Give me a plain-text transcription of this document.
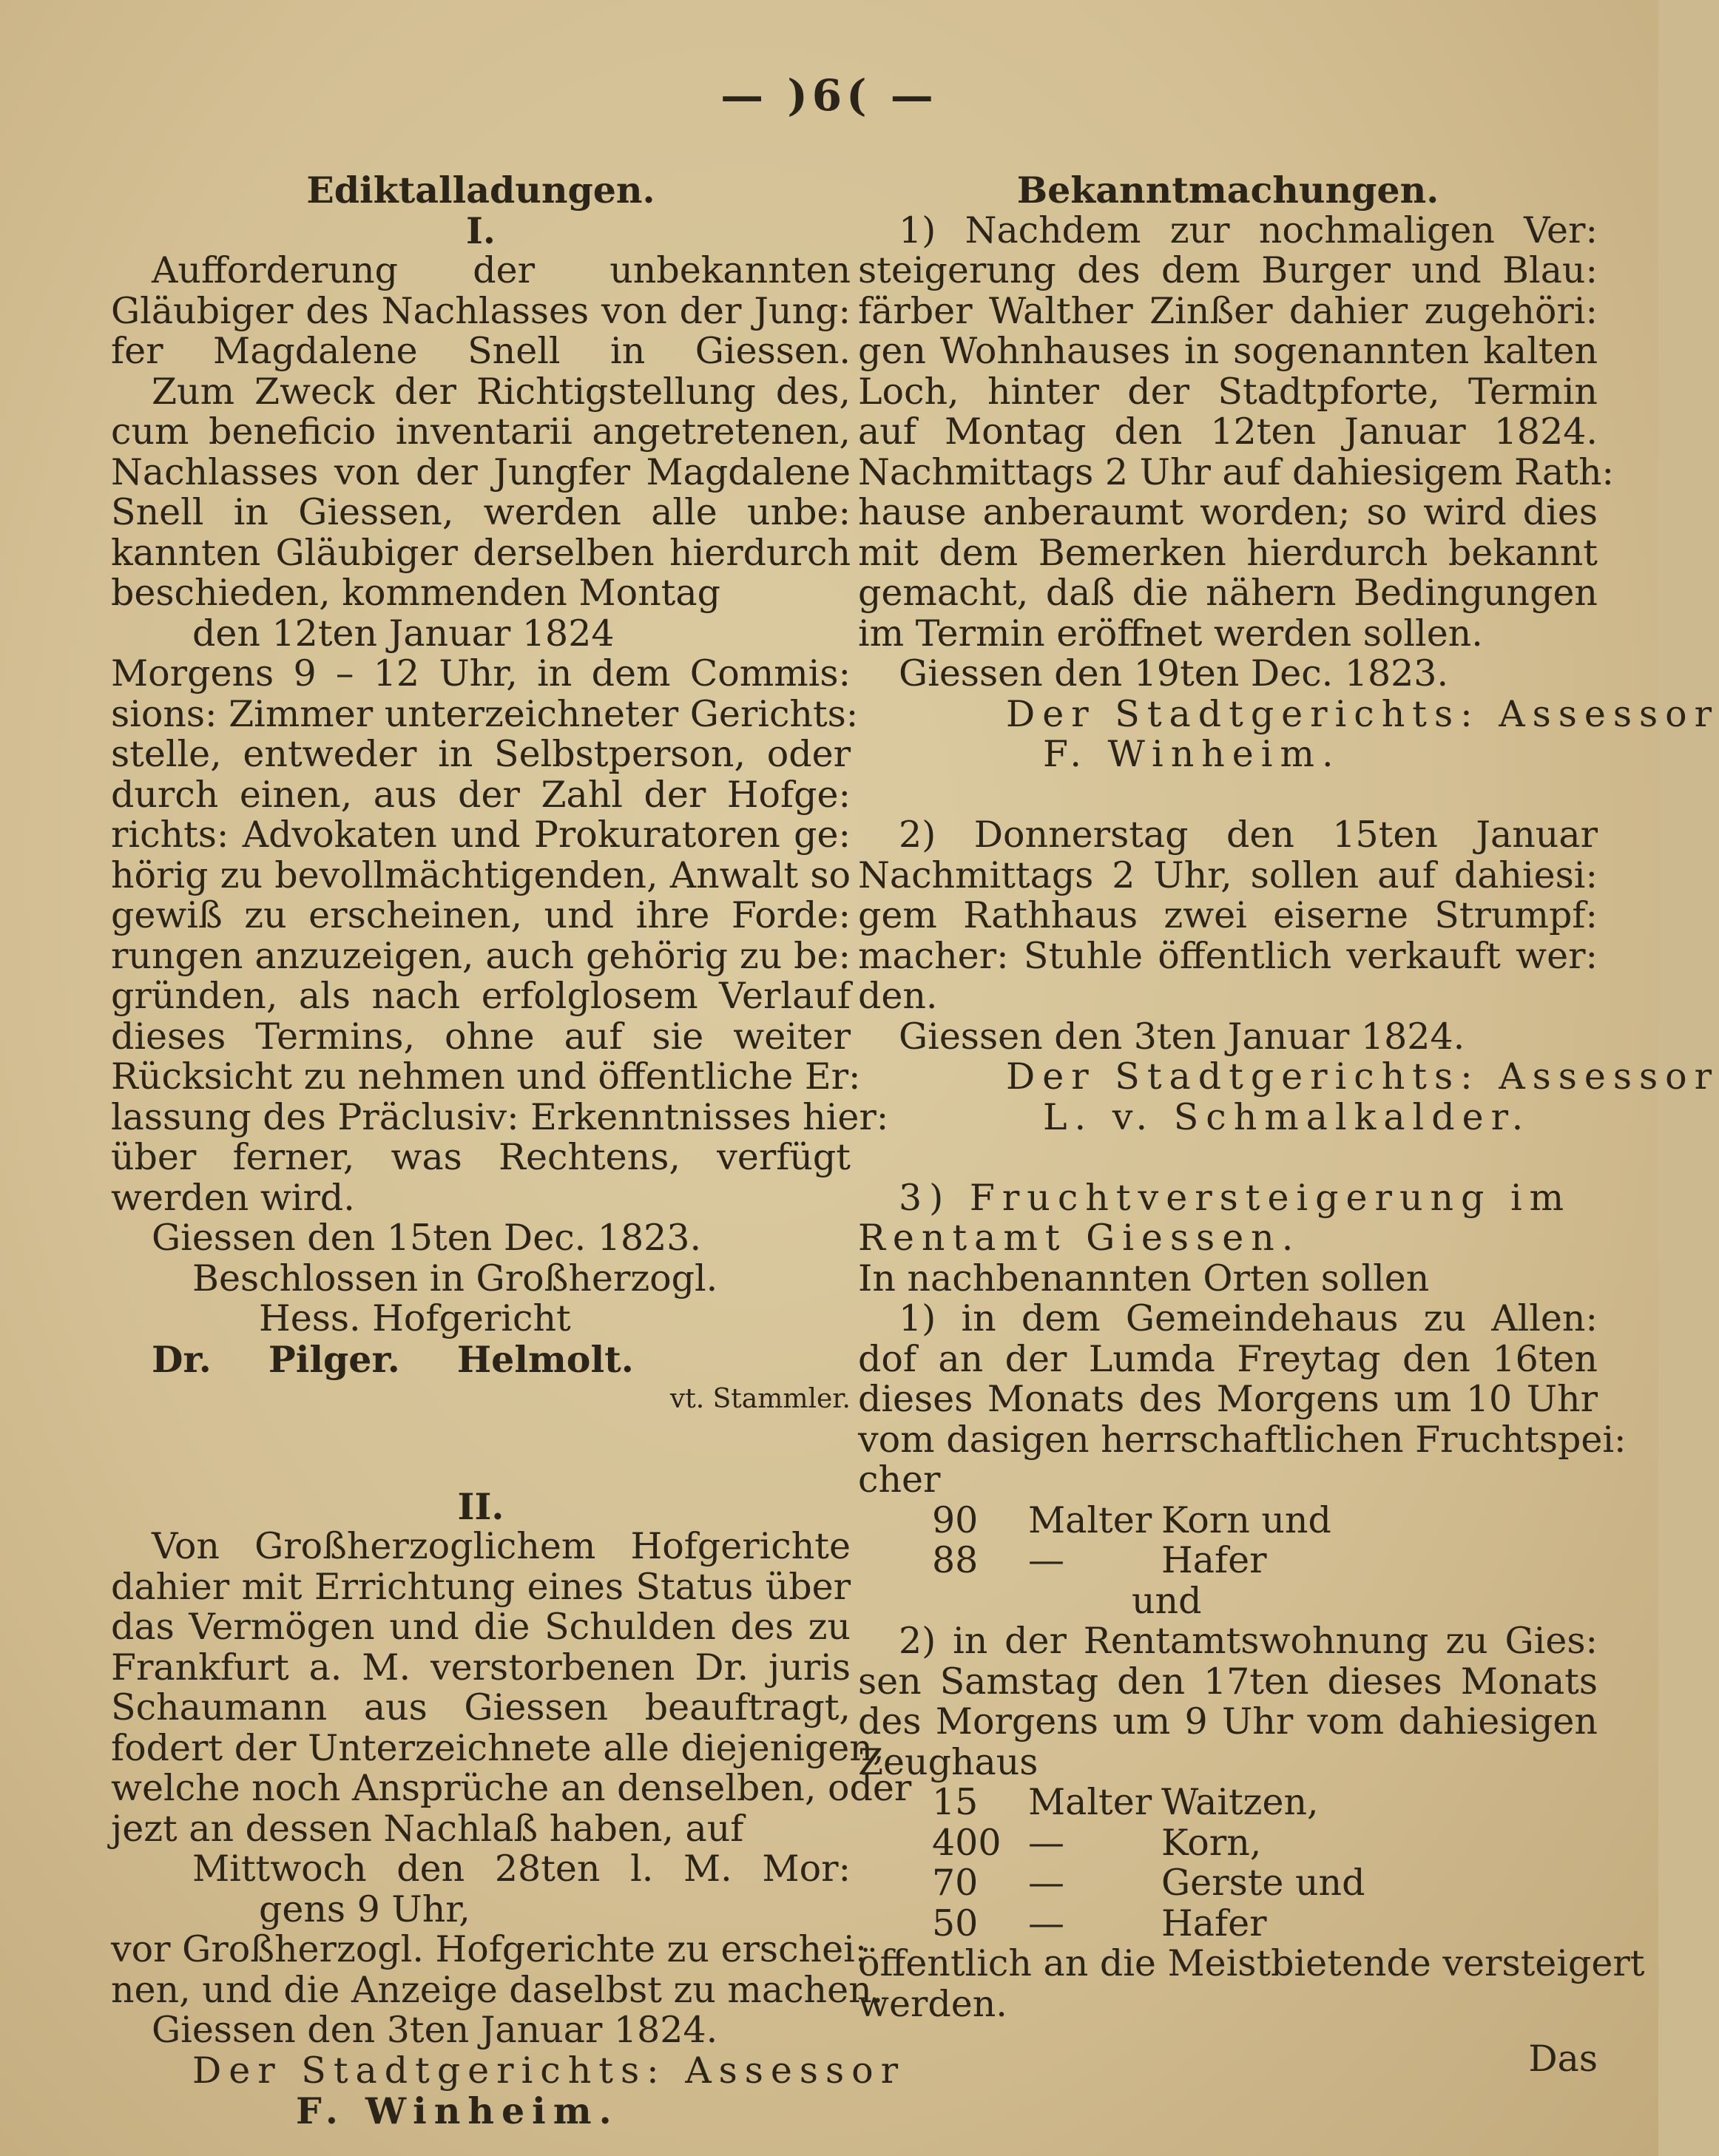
— )6( —
Ediktalladungen.
I.
Aufforderung der unbekannten
Gläubiger des Nachlasses von der Jung:
fer Magdalene Snell in Giessen.
Zum Zweck der Richtigstellung des,
cum beneficio inventarii angetretenen,
Nachlasses von der Jungfer Magdalene
Snell in Giessen, werden alle unbe:
kannten Gläubiger derselben hierdurch
beschieden, kommenden Montag
den 12ten Januar 1824
Morgens 9 – 12 Uhr, in dem Commis:
sions: Zimmer unterzeichneter Gerichts:
stelle, entweder in Selbstperson, oder
durch einen, aus der Zahl der Hofge:
richts: Advokaten und Prokuratoren ge:
hörig zu bevollmächtigenden, Anwalt so
gewiß zu erscheinen, und ihre Forde:
rungen anzuzeigen, auch gehörig zu be:
gründen, als nach erfolglosem Verlauf
dieses Termins, ohne auf sie weiter
Rücksicht zu nehmen und öffentliche Er:
lassung des Präclusiv: Erkenntnisses hier:
über ferner, was Rechtens, verfügt
werden wird.
Giessen den 15ten Dec. 1823.
Beschlossen in Großherzogl.
Hess. Hofgericht
Dr. Pilger. Helmolt.
vt. Stammler.
II.
Von Großherzoglichem Hofgerichte
dahier mit Errichtung eines Status über
das Vermögen und die Schulden des zu
Frankfurt a. M. verstorbenen Dr. juris
Schaumann aus Giessen beauftragt,
fodert der Unterzeichnete alle diejenigen,
welche noch Ansprüche an denselben, oder
jezt an dessen Nachlaß haben, auf
Mittwoch den 28ten l. M. Mor:
gens 9 Uhr,
vor Großherzogl. Hofgerichte zu erschei:
nen, und die Anzeige daselbst zu machen.
Giessen den 3ten Januar 1824.
Der Stadtgerichts: Assessor
F. Winheim.
Bekanntmachungen.
1) Nachdem zur nochmaligen Ver:
steigerung des dem Burger und Blau:
färber Walther Zinßer dahier zugehöri:
gen Wohnhauses in sogenannten kalten
Loch, hinter der Stadtpforte, Termin
auf Montag den 12ten Januar 1824.
Nachmittags 2 Uhr auf dahiesigem Rath:
hause anberaumt worden; so wird dies
mit dem Bemerken hierdurch bekannt
gemacht, daß die nähern Bedingungen
im Termin eröffnet werden sollen.
Giessen den 19ten Dec. 1823.
Der Stadtgerichts: Assessor
F. Winheim.
2) Donnerstag den 15ten Januar
Nachmittags 2 Uhr, sollen auf dahiesi:
gem Rathhaus zwei eiserne Strumpf:
macher: Stuhle öffentlich verkauft wer:
den.
Giessen den 3ten Januar 1824.
Der Stadtgerichts: Assessor
L. v. Schmalkalder.
3) Fruchtversteigerung im
Rentamt Giessen.
In nachbenannten Orten sollen
1) in dem Gemeindehaus zu Allen:
dof an der Lumda Freytag den 16ten
dieses Monats des Morgens um 10 Uhr
vom dasigen herrschaftlichen Fruchtspei:
cher
90 Malter Korn und
88 —	Hafer
und
2) in der Rentamtswohnung zu Gies:
sen Samstag den 17ten dieses Monats
des Morgens um 9 Uhr vom dahiesigen
Zeughaus
15 Malter Waitzen,
400 —	Korn,
70 —	Gerste und
50 —	Hafer
öffentlich an die Meistbietende versteigert
werden.
Das
